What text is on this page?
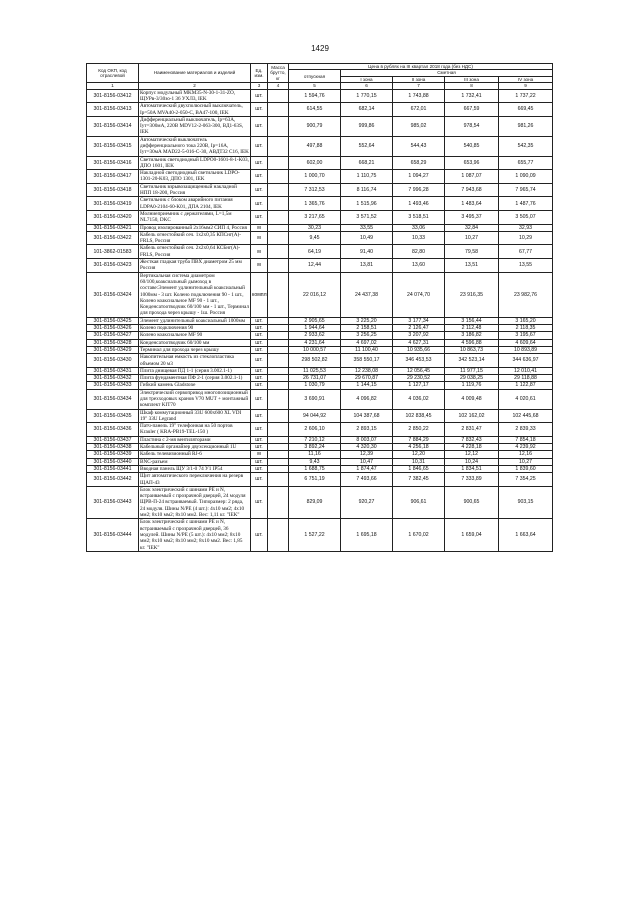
1429
Код ОКП, код отраслевой	Наименование материалов и изделий	Ед. изм.	Масса брутто, кг	Цена в рублях на III квартал 2018 года (без НДС)				
				отпускная	Сметная			
					I зона	II зона	III зона	IV зона
1	2	3	4	5	6	7	8	9
301-8156-03412	Корпус модульный MKM35-N-30-1-31-ZO, ЩУРв-3/30зо-1 36 УХЛ3, IEK	шт.		1 594,76	1 770,15	1 743,88	1 732,41	1 737,22
301-8156-03413	Автоматический двухполюсный выключатель, Ip=50A MVA40-2-050-C, BA47-100, IEK	шт.		614,55	682,14	672,01	667,59	669,45
301-8156-03414	Дифференциальный выключатель, Ip=63A, Iут=300мА, 220В MDV12-2-063-300, ВД1-63S, IEK	шт.		900,79	999,86	985,02	978,54	981,26
301-8156-03415	Автоматический выключатель дифференциального тока 220В, Ip=16A, Iут=30мА MAD22-5-016-C-30, АВДТ32 C16, IEK	шт.		497,88	552,64	544,43	540,85	542,35
301-8156-03416	Светильник светодиодный LDPO0-1601-8-1-K03, ДПО 1601, IEK	шт.		602,00	668,21	658,29	653,96	655,77
301-8156-03417	Накладной светодиодный светильник LDPO-1301-20-K03, ДПО 1301, IEK	шт.		1 000,70	1 110,75	1 094,27	1 087,07	1 090,09
301-8156-03418	Светильник взрывозащищенный накладной НПП 18-200, Россия	шт.		7 312,53	8 116,74	7 996,28	7 943,68	7 965,74
301-8156-03419	Светильник с блоком аварийного питания LDPA0-2104-60-K01, ДПА 2104, IEK	шт.		1 365,76	1 515,96	1 493,46	1 483,64	1 487,76
301-8156-03420	Молниеприемник с держателями, L=1,5м NL7150, DKC	шт.		3 217,65	3 571,52	3 518,51	3 495,37	3 505,07
301-8156-03421	Провод изолированный 2х16мм2 СИП 4, Россия	м		30,23	33,55	33,06	32,84	32,93
301-8156-03422	Кабель огнестойкий сеч. 1х2х0,35 КПСнг(А)-FRLS, Россия	м		9,45	10,49	10,33	10,27	10,29
101-3862-01583	Кабель огнестойкий сеч. 2х2х0,64 КСБнг(А)-FRLS, Россия	м		64,19	91,40	82,80	79,58	67,77
301-8156-03423	Жесткая гладкая труба ПВХ диаметром 25 мм Россия	м		12,44	13,81	13,60	13,51	13,55
301-8156-03424	Вертикальная система диаметром 60/100,коаксиальный дымоход в составе:Элемент удлинительный коаксиальный 1000мм - 3 шт. Колено подключения 90 - 1 шт., Колено коаксиальное MF 90 - 1 шт., Конденсатоотводчик 60/100 мм - 1 шт., Терминал для прохода через крышу - 1ш. Россия	компл		22 016,12	24 437,38	24 074,70	23 916,35	23 982,76
301-8156-03425	Элемент удлинительный коаксиальный 1000мм	шт.		2 905,65	3 225,20	3 177,34	3 156,44	3 165,20
301-8156-03426	Колено подключения 90	шт.		1 944,64	2 158,51	2 126,47	2 112,48	2 118,35
301-8156-03427	Колено коаксиальное MF 90	шт.		2 933,62	3 256,25	3 207,92	3 186,82	3 195,67
301-8156-03428	Конденсатоотводчик 60/100 мм	шт.		4 231,64	4 697,02	4 627,31	4 596,88	4 609,64
301-8156-03429	Терминал для прохода через крышу	шт.		10 000,57	11 100,40	10 935,66	10 863,73	10 893,89
301-8156-03430	Накопительная емкость из стеклопластика объемом 20 м3	шт.		298 502,82	358 550,17	346 453,53	342 523,14	344 636,97
301-8156-03431	Плита днищевая ПД 1-1 (серия 3.002.1-1)	шт.		11 025,53	12 238,08	12 056,45	11 977,15	12 010,41
301-8156-03432	Плита фундаментная ПФ 2-1 (серия 3.002.1-1)	шт.		26 731,07	29 670,87	29 230,52	29 038,25	29 118,88
301-8156-03433	Гибкий камень Gladstone	шт.		1 030,79	1 144,15	1 127,17	1 119,76	1 122,87
301-8156-03434	Электрический сервопривод многопозиционный для трехходовых кранов V70 MUT + монтажный комплект KIT70	шт.		3 690,91	4 096,82	4 036,02	4 009,48	4 020,61
301-8156-03435	Шкаф коммутационный 33U 600x600 XL VDI 19" 33U Legrand	шт.		94 044,92	104 387,68	102 838,45	102 162,02	102 445,68
301-8156-03436	Патч-панель 19" телефонная на 50 портов Krauler ( KRA-PB19-TEL-150 )	шт.		2 606,10	2 893,15	2 850,22	2 831,47	2 839,33
301-8156-03437	Пластина с 2-мя вентиляторами	шт.		7 210,12	8 003,07	7 884,29	7 832,43	7 854,18
301-8156-03438	Кабельный органайзер двухсекционный 1U	шт.		3 892,24	4 320,30	4 256,18	4 228,18	4 239,92
301-8156-03439	Кабель телевизионный RJ-6	м		11,16	12,39	12,20	12,12	12,16
301-8156-03440	BNC-разъем	шт.		9,43	10,47	10,31	10,24	10,27
301-8156-03441	Вводная панель ЩУ 3/1-0 74 У1 IP54	шт.		1 688,75	1 874,47	1 846,65	1 834,51	1 839,60
301-8156-03442	Щит автоматического переключения на резерв ЩАП-43	шт.		6 751,19	7 493,66	7 382,45	7 333,89	7 354,25
301-8156-03443	Блок электрический с шинами PE и N, встраиваемый с прозрачной дверцей, 24 модуля ЩРВ-П-24 встраиваемый. Типоразмер: 2 ряда, 24 модуля. Шины N/PE (4 шт.): 4х10 мм2; 4х10 мм2; 8х10 мм2; 8х10 мм2. Вес: 1,11 кг. "IEK"	шт.		829,09	920,27	906,61	900,65	903,15
301-8156-03444	Блок электрический с шинами PE и N, встраиваемый с прозрачной дверцей, 36 модулей. Шины N/PE (5 шт.): 4х10 мм2; 8х10 мм2; 8х10 мм2; 8х10 мм2; 8х10 мм2. Вес: 1,85 кг. "IEK"	шт.		1 527,22	1 695,18	1 670,02	1 659,04	1 663,64
